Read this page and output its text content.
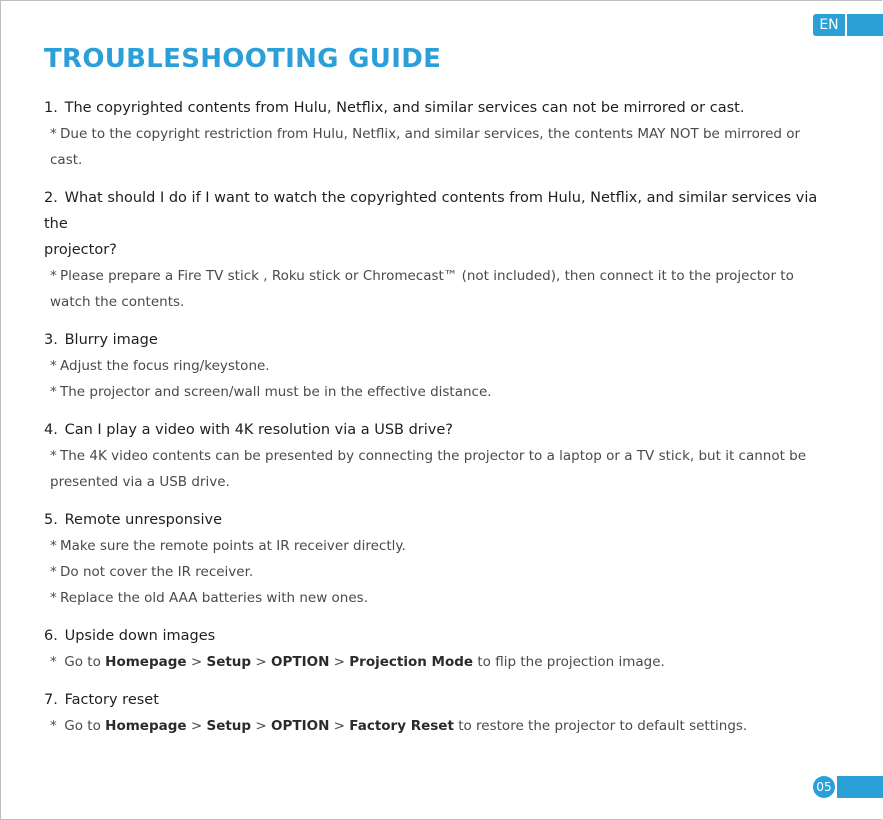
EN
TROUBLESHOOTING GUIDE
1. The copyrighted contents from Hulu, Netflix, and similar services can not be mirrored or cast.
* Due to the copyright restriction from Hulu, Netflix, and similar services, the contents MAY NOT be mirrored or
cast.
2. What should I do if I want to watch the copyrighted contents from Hulu, Netflix, and similar services via the
projector?
* Please prepare a Fire TV stick , Roku stick or Chromecast™ (not included), then connect it to the projector to
watch the contents.
3. Blurry image
* Adjust the focus ring/keystone.
* The projector and screen/wall must be in the effective distance.
4. Can I play a video with 4K resolution via a USB drive?
* The 4K video contents can be presented by connecting the projector to a laptop or a TV stick, but it cannot be
presented via a USB drive.
5. Remote unresponsive
* Make sure the remote points at IR receiver directly.
* Do not cover the IR receiver.
* Replace the old AAA batteries with new ones.
6. Upside down images
* Go to Homepage > Setup > OPTION > Projection Mode to flip the projection image.
7. Factory reset
* Go to Homepage > Setup > OPTION > Factory Reset to restore the projector to default settings.
05
